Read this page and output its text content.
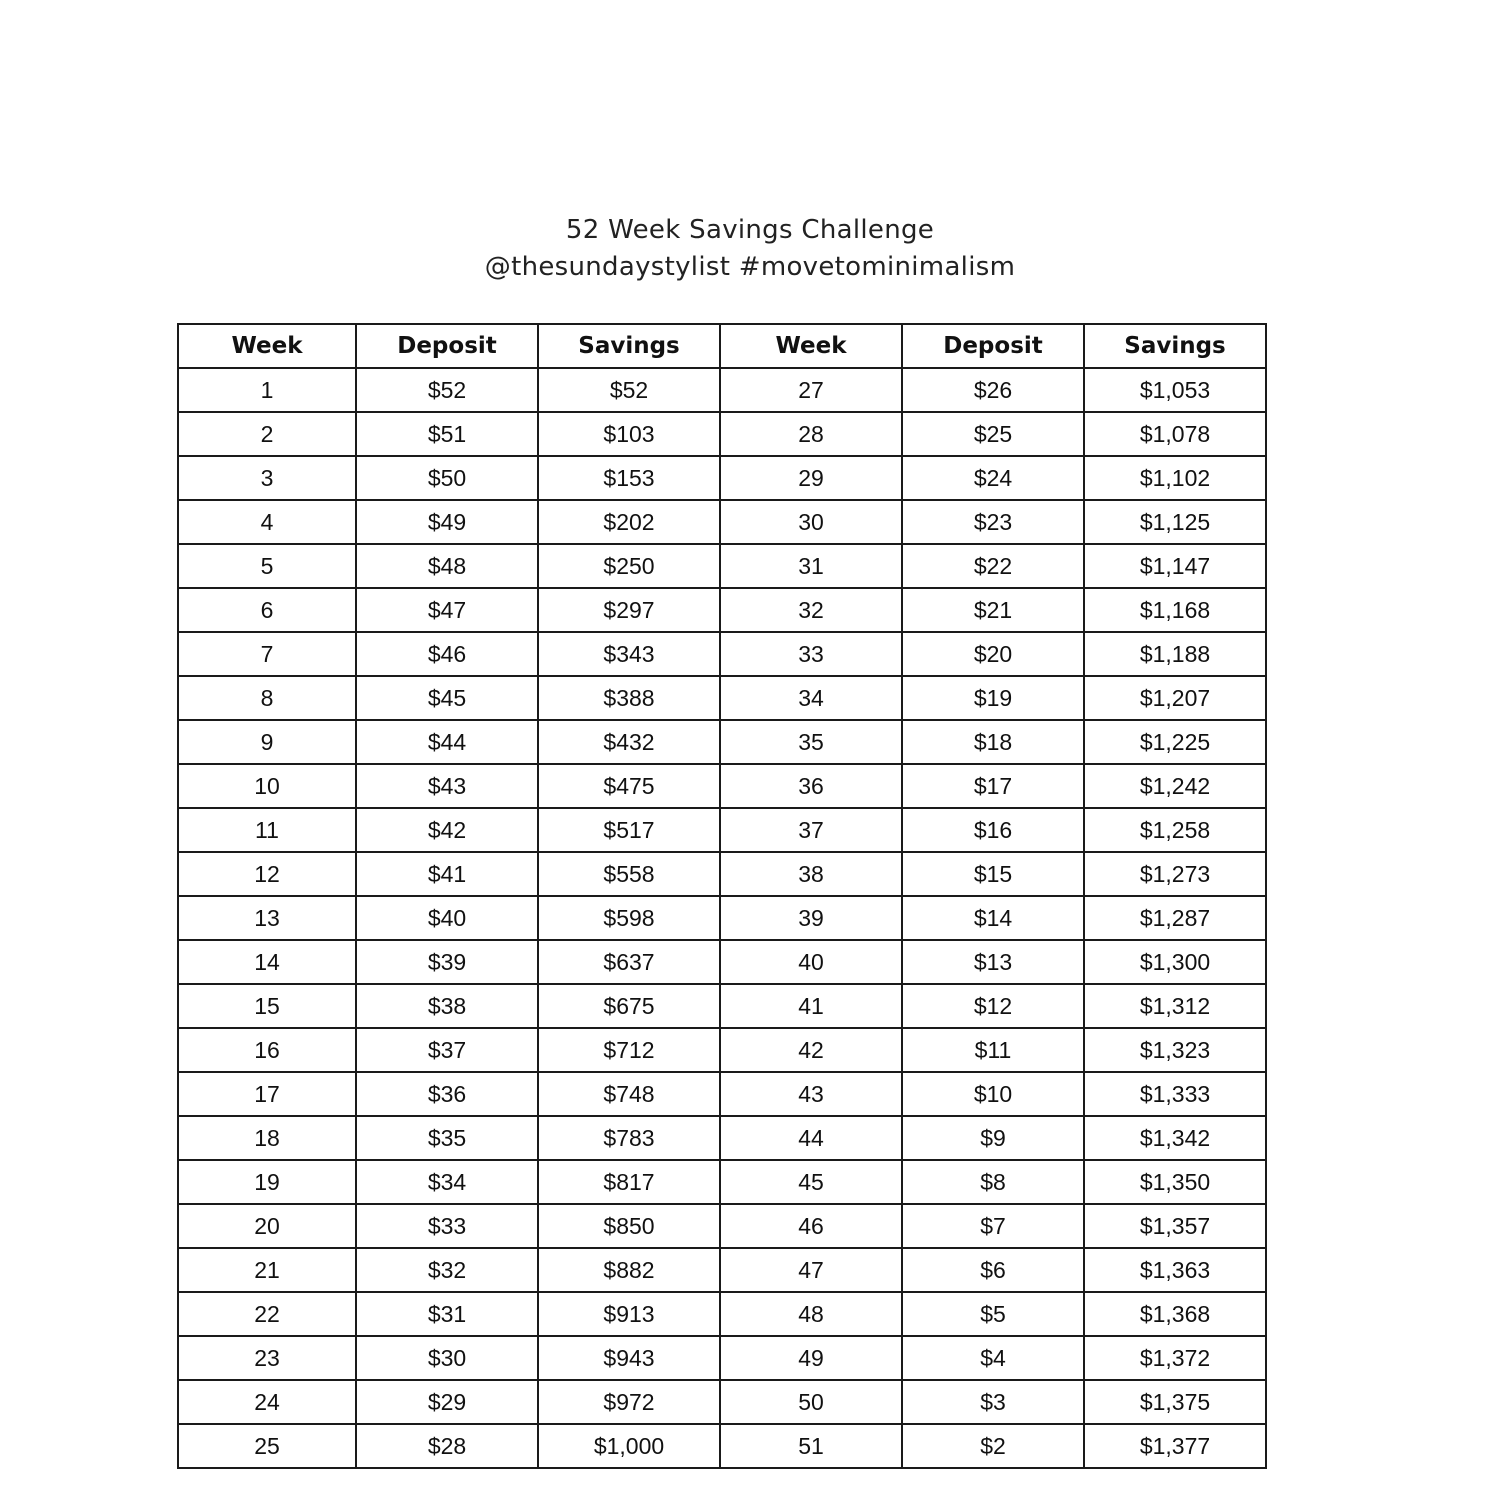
52 Week Savings Challenge
@thesundaystylist #movetominimalism
Week	Deposit	Savings	Week	Deposit	Savings
1	$52	$52	27	$26	$1,053
2	$51	$103	28	$25	$1,078
3	$50	$153	29	$24	$1,102
4	$49	$202	30	$23	$1,125
5	$48	$250	31	$22	$1,147
6	$47	$297	32	$21	$1,168
7	$46	$343	33	$20	$1,188
8	$45	$388	34	$19	$1,207
9	$44	$432	35	$18	$1,225
10	$43	$475	36	$17	$1,242
11	$42	$517	37	$16	$1,258
12	$41	$558	38	$15	$1,273
13	$40	$598	39	$14	$1,287
14	$39	$637	40	$13	$1,300
15	$38	$675	41	$12	$1,312
16	$37	$712	42	$11	$1,323
17	$36	$748	43	$10	$1,333
18	$35	$783	44	$9	$1,342
19	$34	$817	45	$8	$1,350
20	$33	$850	46	$7	$1,357
21	$32	$882	47	$6	$1,363
22	$31	$913	48	$5	$1,368
23	$30	$943	49	$4	$1,372
24	$29	$972	50	$3	$1,375
25	$28	$1,000	51	$2	$1,377
